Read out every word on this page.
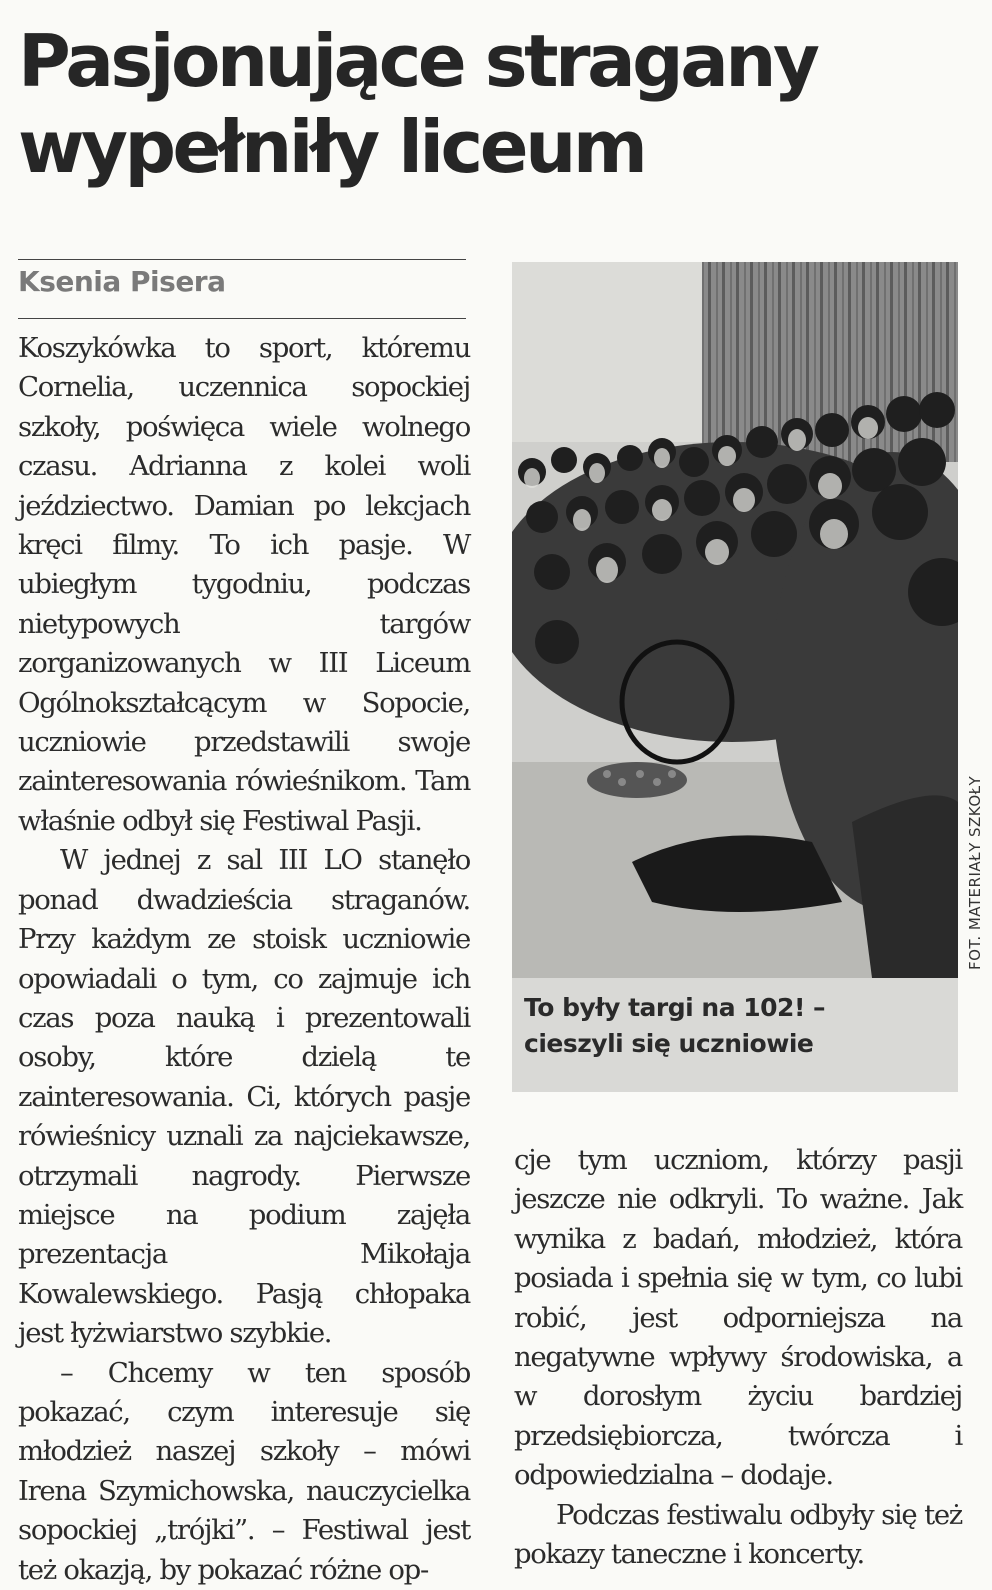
Pasjonujące stragany
wypełniły liceum
Ksenia Pisera

Koszykówka to sport, któremu Cornelia, uczennica sopockiej szkoły, poświęca wiele wolnego czasu. Adrianna z kolei woli jeździectwo. Damian po lekcjach kręci filmy. To ich pasje. W ubiegłym tygodniu, podczas nietypowych targów zorganizowanych w III Liceum Ogólnokształcącym w Sopocie, uczniowie przedstawili swoje zainteresowania rówieśnikom. Tam właśnie odbył się Festiwal Pasji.

W jednej z sal III LO stanęło ponad dwadzieścia straganów. Przy każdym ze stoisk uczniowie opowiadali o tym, co zajmuje ich czas poza nauką i prezentowali osoby, które dzielą te zainteresowania. Ci, których pasje rówieśnicy uznali za najciekawsze, otrzymali nagrody. Pierwsze miejsce na podium zajęła prezentacja Mikołaja Kowalewskiego. Pasją chłopaka jest łyżwiarstwo szybkie.

– Chcemy w ten sposób pokazać, czym interesuje się młodzież naszej szkoły – mówi Irena Szymichowska, nauczycielka sopockiej „trójki”. – Festiwal jest też okazją, by pokazać różne op-

To były targi na 102! –
cieszyli się uczniowie
FOT. MATERIAŁY SZKOŁY

cje tym uczniom, którzy pasji jeszcze nie odkryli. To ważne. Jak wynika z badań, młodzież, która posiada i spełnia się w tym, co lubi robić, jest odporniejsza na negatywne wpływy środowiska, a w dorosłym życiu bardziej przedsiębiorcza, twórcza i odpowiedzialna – dodaje.

Podczas festiwalu odbyły się też pokazy taneczne i koncerty.
